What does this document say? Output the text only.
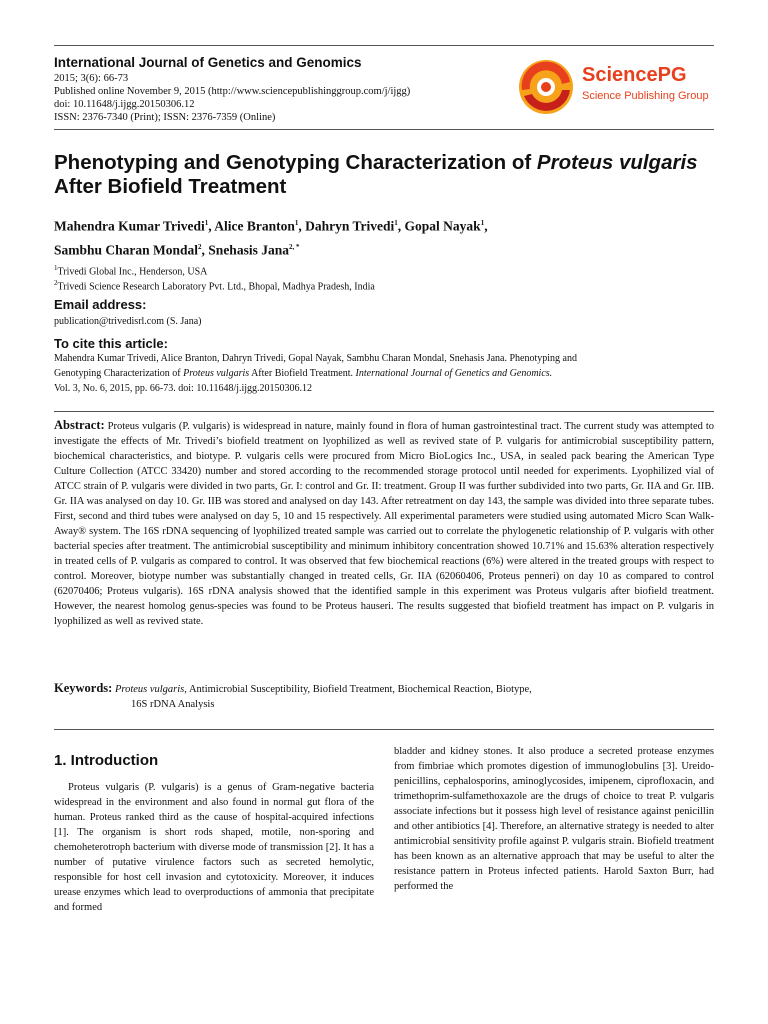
International Journal of Genetics and Genomics
2015; 3(6): 66-73
Published online November 9, 2015 (http://www.sciencepublishinggroup.com/j/ijgg)
doi: 10.11648/j.ijgg.20150306.12
ISSN: 2376-7340 (Print); ISSN: 2376-7359 (Online)
SciencePG
Science Publishing Group
Phenotyping and Genotyping Characterization of Proteus vulgaris After Biofield Treatment
Mahendra Kumar Trivedi$^1$, Alice Branton$^1$, Dahryn Trivedi$^1$, Gopal Nayak$^1$,
Sambhu Charan Mondal$^2$, Snehasis Jana$^{2, *}$
$^1$Trivedi Global Inc., Henderson, USA
$^2$Trivedi Science Research Laboratory Pvt. Ltd., Bhopal, Madhya Pradesh, India
Email address:
publication@trivedisrl.com (S. Jana)
To cite this article:
Mahendra Kumar Trivedi, Alice Branton, Dahryn Trivedi, Gopal Nayak, Sambhu Charan Mondal, Snehasis Jana. Phenotyping and
Genotyping Characterization of Proteus vulgaris After Biofield Treatment. International Journal of Genetics and Genomics.
Vol. 3, No. 6, 2015, pp. 66-73. doi: 10.11648/j.ijgg.20150306.12
Abstract: Proteus vulgaris (P. vulgaris) is widespread in nature, mainly found in flora of human gastrointestinal tract. The current study was attempted to investigate the effects of Mr. Trivedi’s biofield treatment on lyophilized as well as revived state of P. vulgaris for antimicrobial susceptibility pattern, biochemical characteristics, and biotype. P. vulgaris cells were procured from Micro BioLogics Inc., USA, in sealed pack bearing the American Type Culture Collection (ATCC 33420) number and stored according to the recommended storage protocol until needed for experiments. Lyophilized vial of ATCC strain of P. vulgaris were divided in two parts, Gr. I: control and Gr. II: treatment. Group II was further subdivided into two parts, Gr. IIA and Gr. IIB. Gr. IIA was analysed on day 10. Gr. IIB was stored and analysed on day 143. After retreatment on day 143, the sample was divided into three separate tubes. First, second and third tubes were analysed on day 5, 10 and 15 respectively. All experimental parameters were studied using automated Micro Scan Walk-Away® system. The 16S rDNA sequencing of lyophilized treated sample was carried out to correlate the phylogenetic relationship of P. vulgaris with other bacterial species after treatment. The antimicrobial susceptibility and minimum inhibitory concentration showed 10.71% and 15.63% alteration respectively in treated cells of P. vulgaris as compared to control. It was observed that few biochemical reactions (6%) were altered in the treated groups with respect to control. Moreover, biotype number was substantially changed in treated cells, Gr. IIA (62060406, Proteus penneri) on day 10 as compared to control (62070406; Proteus vulgaris). 16S rDNA analysis showed that the identified sample in this experiment was Proteus vulgaris after biofield treatment. However, the nearest homolog genus-species was found to be Proteus hauseri. The results suggested that biofield treatment has impact on P. vulgaris in lyophilized as well as revived state.
Keywords: Proteus vulgaris, Antimicrobial Susceptibility, Biofield Treatment, Biochemical Reaction, Biotype,
16S rDNA Analysis
1. Introduction
Proteus vulgaris (P. vulgaris) is a genus of Gram-negative bacteria widespread in the environment and also found in normal gut flora of the human. Proteus ranked third as the cause of hospital-acquired infections [1]. The organism is short rods shaped, motile, non-sporing and chemoheterotroph bacterium with diverse mode of transmission [2]. It has a number of putative virulence factors such as secreted hemolytic, responsible for host cell invasion and cytotoxicity. Moreover, it induces urease enzymes which lead to overproductions of ammonia that precipitate and formed
bladder and kidney stones. It also produce a secreted protease enzymes from fimbriae which promotes digestion of immunoglobulins [3]. Ureido-penicillins, cephalosporins, aminoglycosides, imipenem, ciprofloxacin, and trimethoprim-sulfamethoxazole are the drugs of choice to treat P. vulgaris associate infections but it possess high level of resistance against penicillin and other antibiotics [4]. Therefore, an alternative strategy is needed to alter antimicrobial sensitivity profile against P. vulgaris strain. Biofield treatment has been known as an alternative approach that may be useful to alter the resistance pattern in Proteus infected patients. Harold Saxton Burr, had performed the
